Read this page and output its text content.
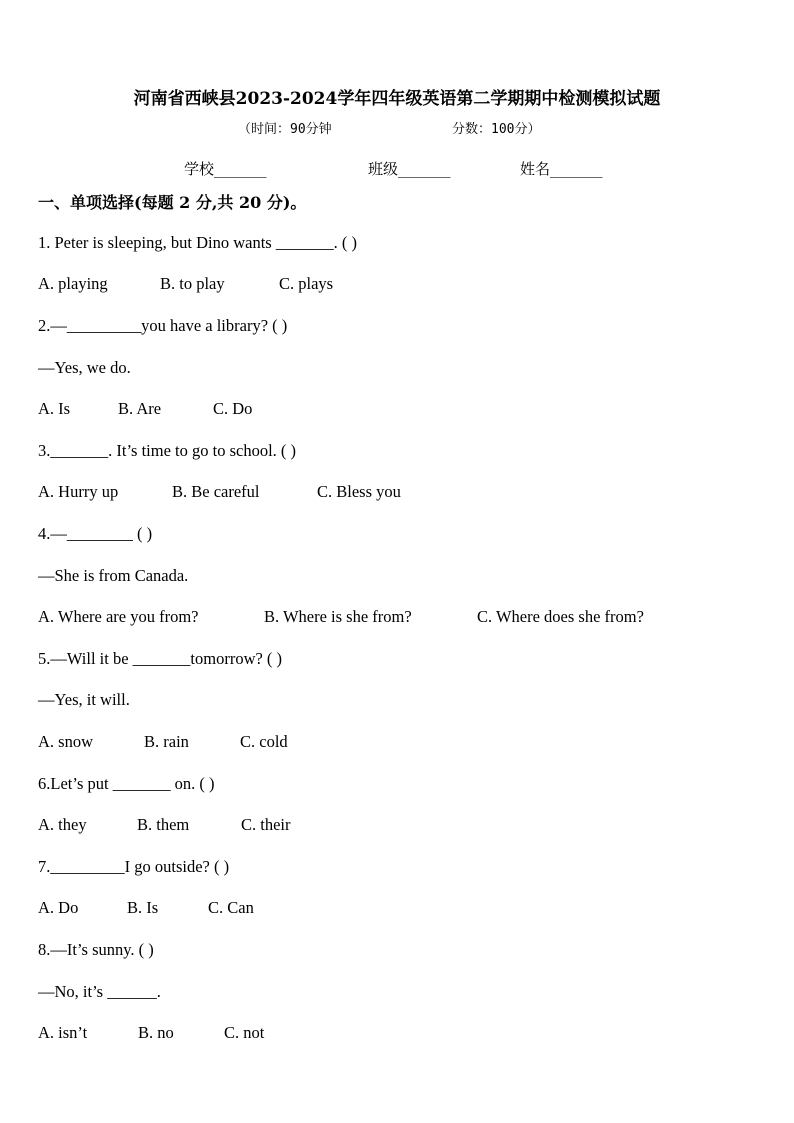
河南省西峡县2023-2024学年四年级英语第二学期期中检测模拟试题
（时间：90分钟	分数：100分）
学校_______	班级_______	姓名_______
一、单项选择(每题 2 分,共 20 分)。
1. Peter is sleeping, but Dino wants _______. ( )
A. playing	B. to play	C. plays
2.—_________you have a library? ( )
—Yes, we do.
A. Is	B. Are	C. Do
3._______. It’s time to go to school. ( )
A. Hurry up	B. Be careful	C. Bless you
4.—________ ( )
—She is from Canada.
A. Where are you from?	B. Where is she from?	C. Where does she from?
5.—Will it be _______tomorrow? ( )
—Yes, it will.
A. snow	B. rain	C. cold
6.Let’s put _______ on. ( )
A. they	B. them	C. their
7._________I go outside? ( )
A. Do	B. Is	C. Can
8.—It’s sunny. ( )
—No, it’s ______.
A. isn’t	B. no	C. not
